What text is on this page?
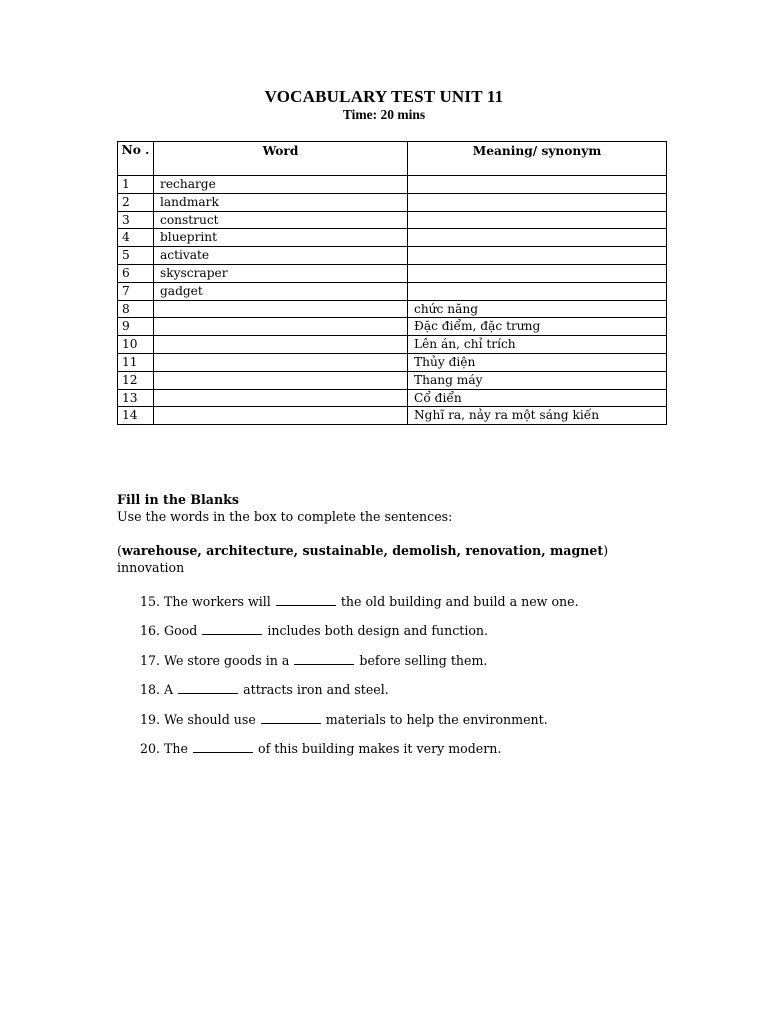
VOCABULARY TEST UNIT 11
Time: 20 mins
No .	Word	Meaning/ synonym
1	recharge	
2	landmark	
3	construct	
4	blueprint	
5	activate	
6	skyscraper	
7	gadget	
8		chức năng
9		Đặc điểm, đặc trưng
10		Lên án, chỉ trích
11		Thủy điện
12		Thang máy
13		Cổ điển
14		Nghĩ ra, nảy ra một sáng kiến
Fill in the Blanks
Use the words in the box to complete the sentences:
(warehouse, architecture, sustainable, demolish, renovation, magnet)
innovation
15. The workers will	the old building and build a new one.
16. Good	includes both design and function.
17. We store goods in a	before selling them.
18. A	attracts iron and steel.
19. We should use	materials to help the environment.
20. The	of this building makes it very modern.
